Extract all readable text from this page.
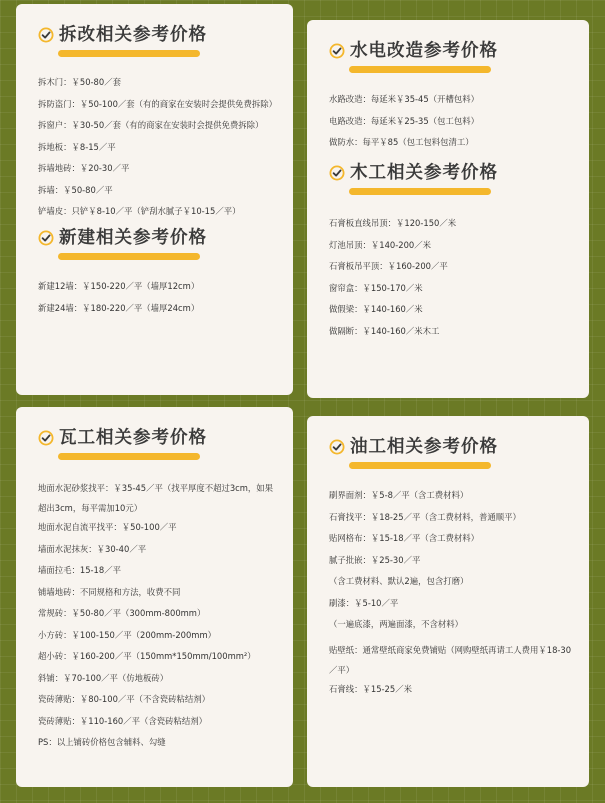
拆改相关参考价格
拆木门：￥50-80／套
拆防盗门：￥50-100／套（有的商家在安装时会提供免费拆除）
拆窗户：￥30-50／套（有的商家在安装时会提供免费拆除）
拆地板：￥8-15／平
拆墙地砖：￥20-30／平
拆墙：￥50-80／平
铲墙皮：只铲￥8-10／平（铲刮水腻子￥10-15／平）
新建相关参考价格
新建12墙：￥150-220／平（墙厚12cm）
新建24墙：￥180-220／平（墙厚24cm）
水电改造参考价格
水路改造：每延米￥35-45（开槽包料）
电路改造：每延米￥25-35（包工包料）
做防水：每平￥85（包工包料包清工）
木工相关参考价格
石膏板直线吊顶：￥120-150／米
灯池吊顶：￥140-200／米
石膏板吊平顶：￥160-200／平
窗帘盒：￥150-170／米
做假梁：￥140-160／米
做隔断：￥140-160／米木工
瓦工相关参考价格
地面水泥砂浆找平：￥35-45／平（找平厚度不超过3cm，如果超出3cm，每平需加10元）
地面水泥自流平找平：￥50-100／平
墙面水泥抹灰：￥30-40／平
墙面拉毛：15-18／平
铺墙地砖：不同规格和方法，收费不同
常规砖：￥50-80／平（300mm-800mm）
小方砖：￥100-150／平（200mm-200mm）
超小砖：￥160-200／平（150mm*150mm/100mm²）
斜铺：￥70-100／平（仿地板砖）
瓷砖薄贴：￥80-100／平（不含瓷砖粘结剂）
瓷砖薄贴：￥110-160／平（含瓷砖粘结剂）
PS：以上铺砖价格包含辅料、勾缝
油工相关参考价格
刷界面剂：￥5-8／平（含工费材料）
石膏找平：￥18-25／平（含工费材料，普通顺平）
贴网格布：￥15-18／平（含工费材料）
腻子批嵌：￥25-30／平
（含工费材料、默认2遍，包含打磨）
刷漆：￥5-10／平
（一遍底漆，两遍面漆，不含材料）
贴壁纸：通常壁纸商家免费铺贴（网购壁纸再请工人费用￥18-30／平）
石膏线：￥15-25／米
